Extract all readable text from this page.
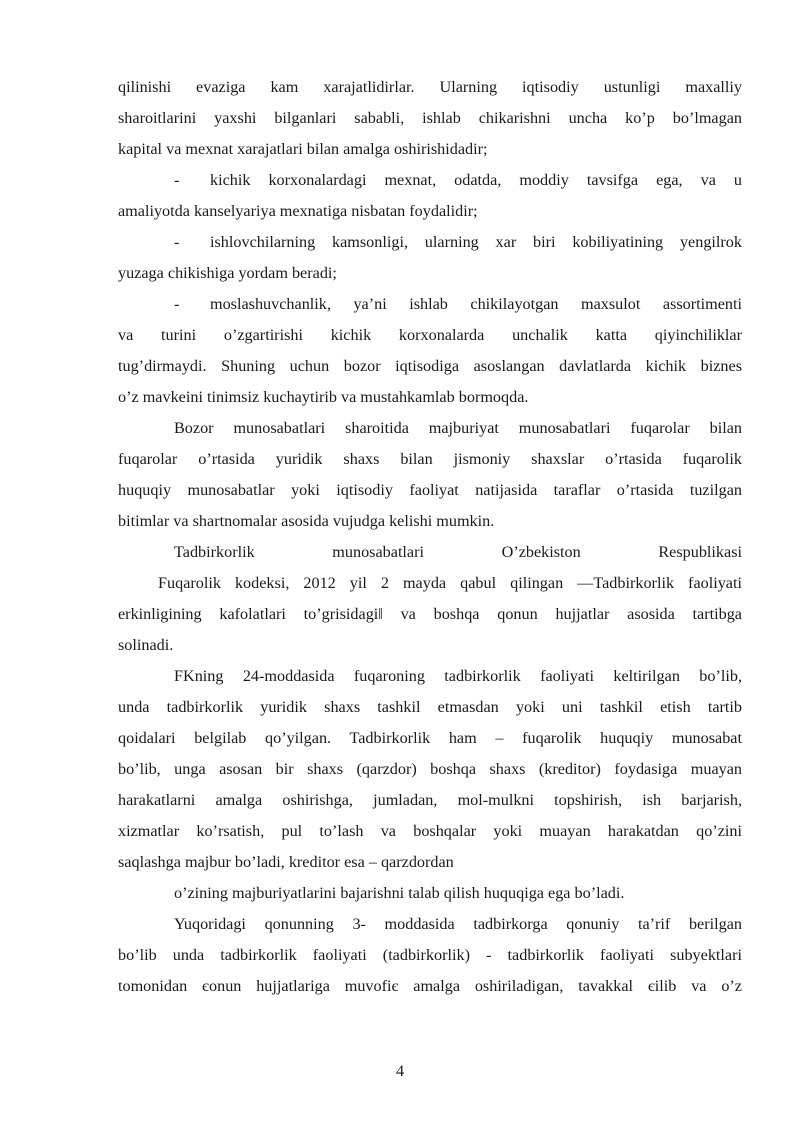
qilinishi evaziga kam xarajatlidirlar. Ularning iqtisodiy ustunligi maxalliy
sharoitlarini yaxshi bilganlari sababli, ishlab chikarishni uncha ko’p bo’lmagan
kapital va mexnat xarajatlari bilan amalga oshirishidadir;
- kichik korxonalardagi mexnat, odatda, moddiy tavsifga ega, va u
amaliyotda kanselyariya mexnatiga nisbatan foydalidir;
- ishlovchilarning kamsonligi, ularning xar biri kobiliyatining yengilrok
yuzaga chikishiga yordam beradi;
- moslashuvchanlik, ya’ni ishlab chikilayotgan maxsulot assortimenti
va turini o’zgartirishi kichik korxonalarda unchalik katta qiyinchiliklar
tug’dirmaydi. Shuning uchun bozor iqtisodiga asoslangan davlatlarda kichik biznes
o’z mavkeini tinimsiz kuchaytirib va mustahkamlab bormoqda.
Bozor munosabatlari sharoitida majburiyat munosabatlari fuqarolar bilan
fuqarolar o’rtasida yuridik shaxs bilan jismoniy shaxslar o’rtasida fuqarolik
huquqiy munosabatlar yoki iqtisodiy faoliyat natijasida taraflar o’rtasida tuzilgan
bitimlar va shartnomalar asosida vujudga kelishi mumkin.
Tadbirkorlik munosabatlari O’zbekiston Respublikasi
Fuqarolik kodeksi, 2012 yil 2 mayda qabul qilingan ―Tadbirkorlik faoliyati
erkinligining kafolatlari to’grisidagi‖ va boshqa qonun hujjatlar asosida tartibga
solinadi.
FKning 24-moddasida fuqaroning tadbirkorlik faoliyati keltirilgan bo’lib,
unda tadbirkorlik yuridik shaxs tashkil etmasdan yoki uni tashkil etish tartib
qoidalari belgilab qo’yilgan. Tadbirkorlik ham – fuqarolik huquqiy munosabat
bo’lib, unga asosan bir shaxs (qarzdor) boshqa shaxs (kreditor) foydasiga muayan
harakatlarni amalga oshirishga, jumladan, mol-mulkni topshirish, ish barjarish,
xizmatlar ko’rsatish, pul to’lash va boshqalar yoki muayan harakatdan qo’zini
saqlashga majbur bo’ladi, kreditor esa – qarzdordan
o’zining majburiyatlarini bajarishni talab qilish huquqiga ega bo’ladi.
Yuqoridagi qonunning 3- moddasida tadbirkorga qonuniy ta’rif berilgan
bo’lib unda tadbirkorlik faoliyati (tadbirkorlik) - tadbirkorlik faoliyati subyektlari
tomonidan єonun hujjatlariga muvofiє amalga oshiriladigan, tavakkal єilib va o’z
4
